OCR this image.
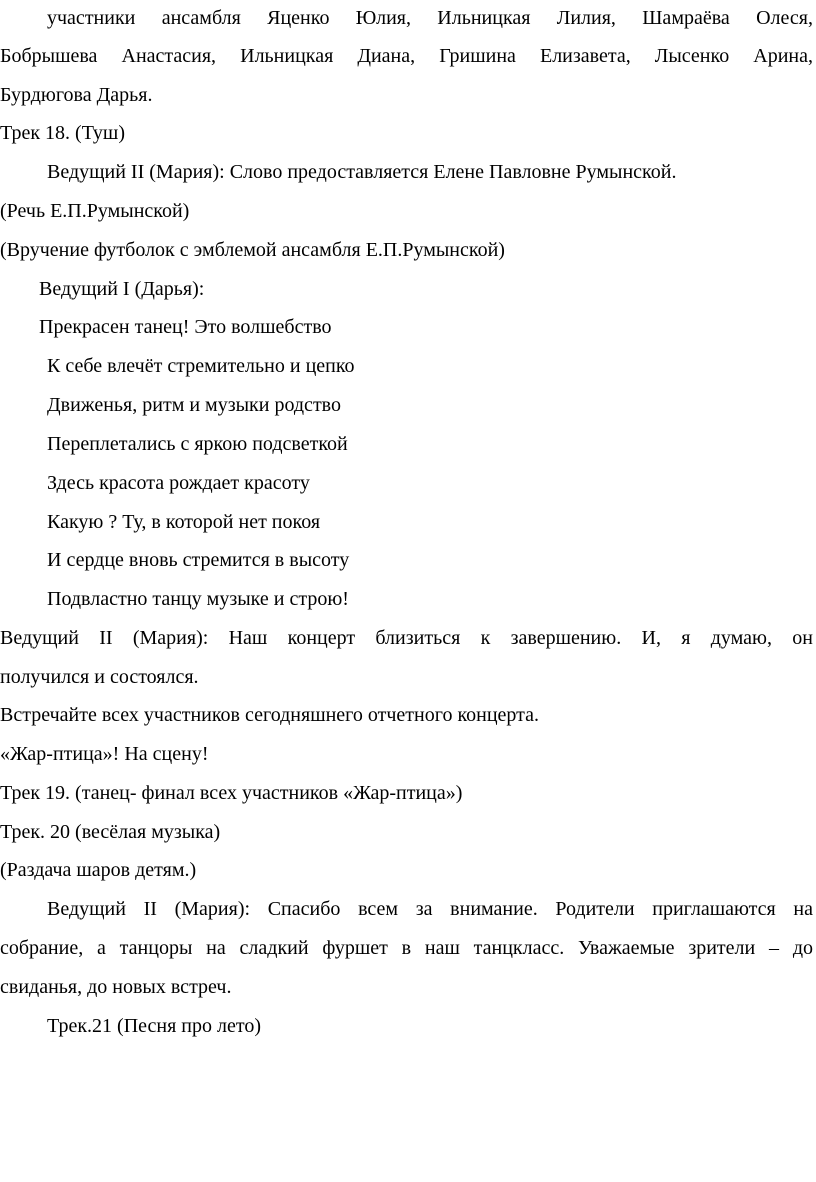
участники ансамбля Яценко Юлия, Ильницкая Лилия, Шамраёва Олеся,
Бобрышева Анастасия, Ильницкая Диана, Гришина Елизавета, Лысенко Арина,
Бурдюгова Дарья.
Трек 18. (Туш)
Ведущий II (Мария): Слово предоставляется Елене Павловне Румынской.
(Речь Е.П.Румынской)
(Вручение футболок с эмблемой ансамбля Е.П.Румынской)
Ведущий I (Дарья):
Прекрасен танец! Это волшебство
К себе влечёт стремительно и цепко
Движенья, ритм и музыки родство
Переплетались с яркою подсветкой
Здесь красота рождает красоту
Какую ? Ту, в которой нет покоя
И сердце вновь стремится в высоту
Подвластно танцу музыке и строю!
Ведущий II (Мария): Наш концерт близиться к завершению. И, я думаю, он
получился и состоялся.
Встречайте всех участников сегодняшнего отчетного концерта.
«Жар-птица»! На сцену!
Трек 19. (танец- финал всех участников «Жар-птица»)
Трек. 20 (весёлая музыка)
(Раздача шаров детям.)
Ведущий II (Мария): Спасибо всем за внимание. Родители приглашаются на
собрание, а танцоры на сладкий фуршет в наш танцкласс. Уважаемые зрители – до
свиданья, до новых встреч.
Трек.21 (Песня про лето)
